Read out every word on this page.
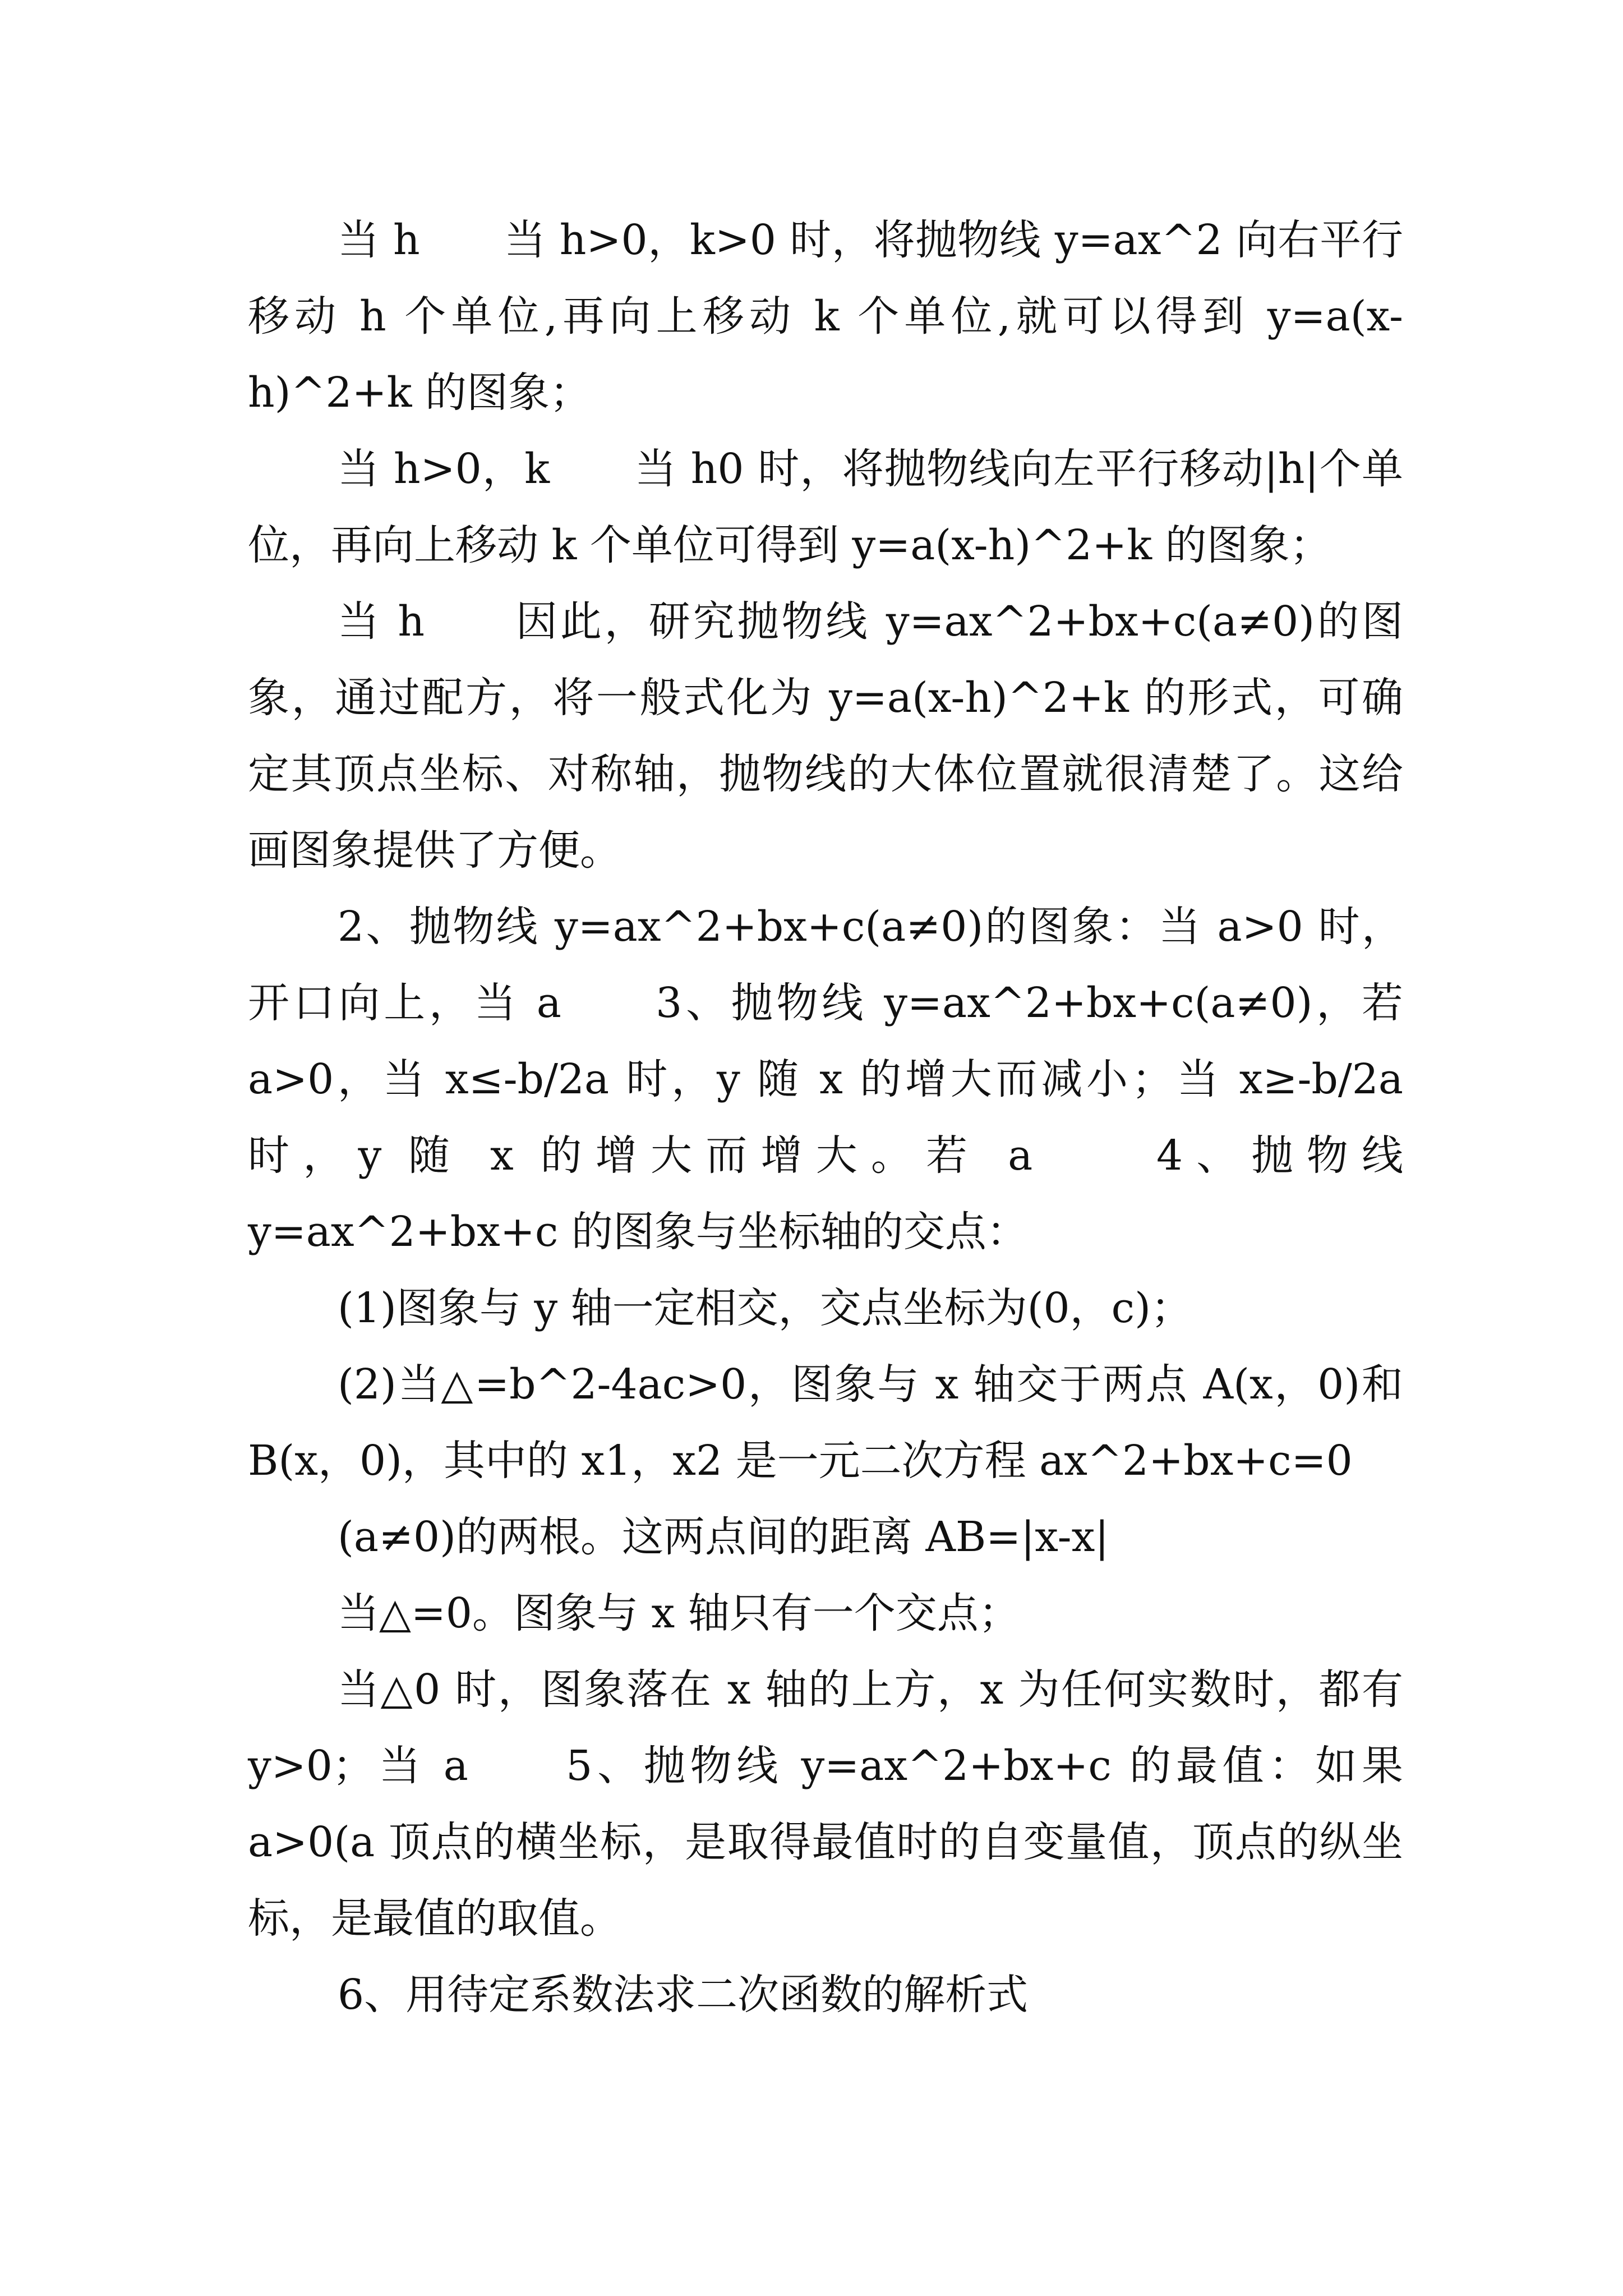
当 h　　当 h>0，k>0 时，将抛物线 y=ax^2 向右平行移动 h 个单位,再向上移动 k 个单位,就可以得到 y=a(x-h)^2+k 的图象；

当 h>0，k　　当 h0 时，将抛物线向左平行移动|h|个单位，再向上移动 k 个单位可得到 y=a(x-h)^2+k 的图象；

当 h　　因此，研究抛物线 y=ax^2+bx+c(a≠0)的图象，通过配方，将一般式化为 y=a(x-h)^2+k 的形式，可确定其顶点坐标、对称轴，抛物线的大体位置就很清楚了。这给画图象提供了方便。

2、抛物线 y=ax^2+bx+c(a≠0)的图象：当 a>0 时，开口向上，当 a　　3、抛物线 y=ax^2+bx+c(a≠0)，若 a>0，当 x≤-b/2a 时，y 随 x 的增大而减小；当 x≥-b/2a 时，y 随 x 的增大而增大。若 a　　4、抛物线 y=ax^2+bx+c 的图象与坐标轴的交点：

(1)图象与 y 轴一定相交，交点坐标为(0，c)；

(2)当△=b^2-4ac>0，图象与 x 轴交于两点 A(x，0)和 B(x，0)，其中的 x1，x2 是一元二次方程 ax^2+bx+c=0

(a≠0)的两根。这两点间的距离 AB=|x-x|

当△=0。图象与 x 轴只有一个交点；

当△0 时，图象落在 x 轴的上方，x 为任何实数时，都有 y>0；当 a　　5、抛物线 y=ax^2+bx+c 的最值：如果 a>0(a 顶点的横坐标，是取得最值时的自变量值，顶点的纵坐标，是最值的取值。

6、用待定系数法求二次函数的解析式
